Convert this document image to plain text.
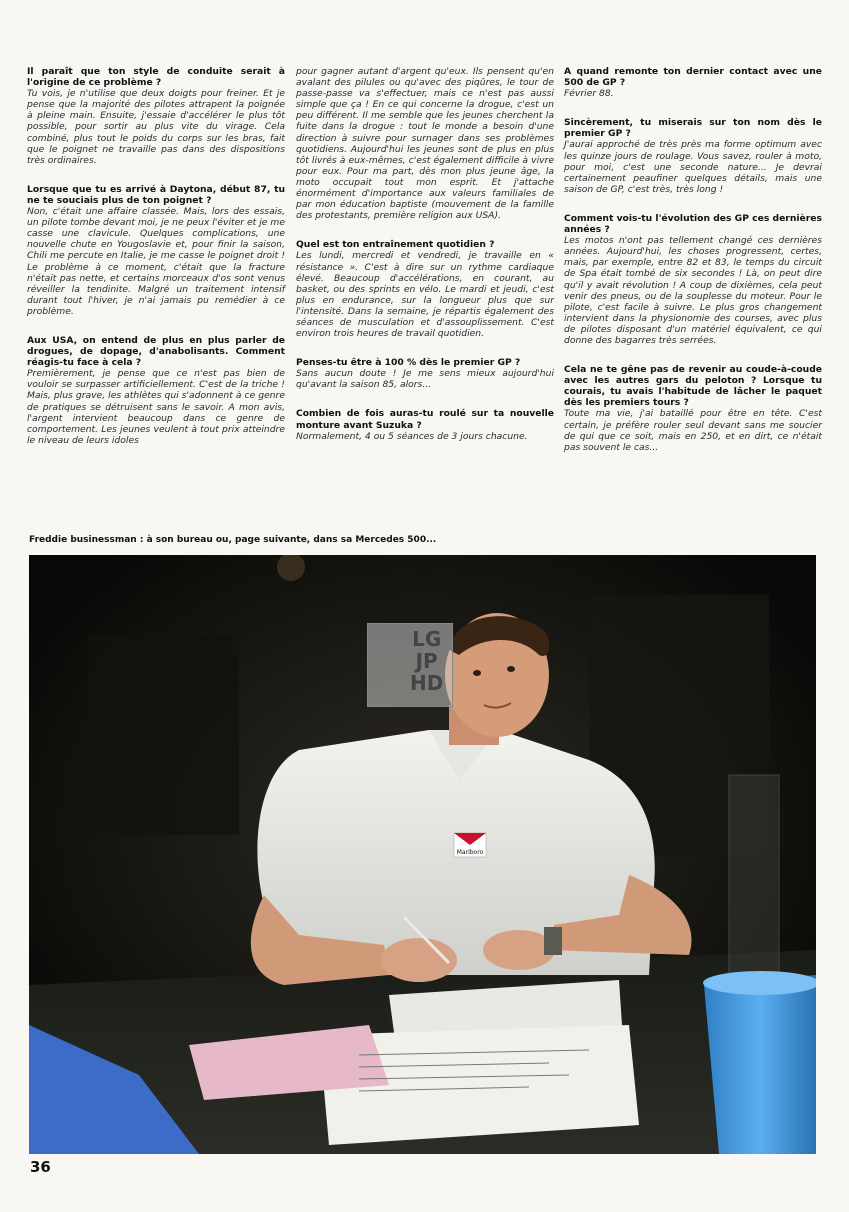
Il paraît que ton style de conduite serait à l'origine de ce problème ?

Tu vois, je n'utilise que deux doigts pour freiner. Et je pense que la majorité des pilotes attrapent la poignée à pleine main. Ensuite, j'essaie d'accélérer le plus tôt possible, pour sortir au plus vite du virage. Cela combiné, plus tout le poids du corps sur les bras, fait que le poignet ne travaille pas dans des dispositions très ordinaires.

Lorsque que tu es arrivé à Daytona, début 87, tu ne te souciais plus de ton poignet ?

Non, c'était une affaire classée. Mais, lors des essais, un pilote tombe devant moi, je ne peux l'éviter et je me casse une clavicule. Quelques complications, une nouvelle chute en Yougoslavie et, pour finir la saison, Chili me percute en Italie, je me casse le poignet droit ! Le problème à ce moment, c'était que la fracture n'était pas nette, et certains morceaux d'os sont venus réveiller la tendinite. Malgré un traitement intensif durant tout l'hiver, je n'ai jamais pu remédier à ce problème.

Aux USA, on entend de plus en plus parler de drogues, de dopage, d'anabolisants. Comment réagis-tu face à cela ?

Premièrement, je pense que ce n'est pas bien de vouloir se surpasser artificiellement. C'est de la triche ! Mais, plus grave, les athlètes qui s'adonnent à ce genre de pratiques se détruisent sans le savoir. A mon avis, l'argent intervient beaucoup dans ce genre de comportement. Les jeunes veulent à tout prix atteindre le niveau de leurs idoles

pour gagner autant d'argent qu'eux. Ils pensent qu'en avalant des pilules ou qu'avec des piqûres, le tour de passe-passe va s'effectuer, mais ce n'est pas aussi simple que ça ! En ce qui concerne la drogue, c'est un peu différent. Il me semble que les jeunes cherchent la fuite dans la drogue : tout le monde a besoin d'une direction à suivre pour surnager dans ses problèmes quotidiens. Aujourd'hui les jeunes sont de plus en plus tôt livrés à eux-mêmes, c'est également difficile à vivre pour eux. Pour ma part, dès mon plus jeune âge, la moto occupait tout mon esprit. Et j'attache énormément d'importance aux valeurs familiales de par mon éducation baptiste (mouvement de la famille des protestants, première religion aux USA).

Quel est ton entraînement quotidien ?

Les lundi, mercredi et vendredi, je travaille en « résistance ». C'est à dire sur un rythme cardiaque élevé. Beaucoup d'accélérations, en courant, au basket, ou des sprints en vélo. Le mardi et jeudi, c'est plus en endurance, sur la longueur plus que sur l'intensité. Dans la semaine, je répartis également des séances de musculation et d'assouplissement. C'est environ trois heures de travail quotidien.

Penses-tu être à 100 % dès le premier GP ?

Sans aucun doute ! Je me sens mieux aujourd'hui qu'avant la saison 85, alors...

Combien de fois auras-tu roulé sur ta nouvelle monture avant Suzuka ?

Normalement, 4 ou 5 séances de 3 jours chacune.

A quand remonte ton dernier contact avec une 500 de GP ?

Février 88.

Sincèrement, tu miserais sur ton nom dès le premier GP ?

J'aurai approché de très près ma forme optimum avec les quinze jours de roulage. Vous savez, rouler à moto, pour moi, c'est une seconde nature... Je devrai certainement peaufiner quelques détails, mais une saison de GP, c'est très, très long !

Comment vois-tu l'évolution des GP ces dernières années ?

Les motos n'ont pas tellement changé ces dernières années. Aujourd'hui, les choses progressent, certes, mais, par exemple, entre 82 et 83, le temps du circuit de Spa était tombé de six secondes ! Là, on peut dire qu'il y avait révolution ! A coup de dixièmes, cela peut venir des pneus, ou de la souplesse du moteur. Pour le pilote, c'est facile à suivre. Le plus gros changement intervient dans la physionomie des courses, avec plus de pilotes disposant d'un matériel équivalent, ce qui donne des bagarres très serrées.

Cela ne te gêne pas de revenir au coude-à-coude avec les autres gars du peloton ? Lorsque tu courais, tu avais l'habitude de lâcher le paquet dès les premiers tours ?

Toute ma vie, j'ai bataillé pour être en tête. C'est certain, je préfère rouler seul devant sans me soucier de qui que ce soit, mais en 250, et en dirt, ce n'était pas souvent le cas...

Freddie businessman : à son bureau ou, page suivante, dans sa Mercedes 500...
Marlboro
LG
JP
HD
36
